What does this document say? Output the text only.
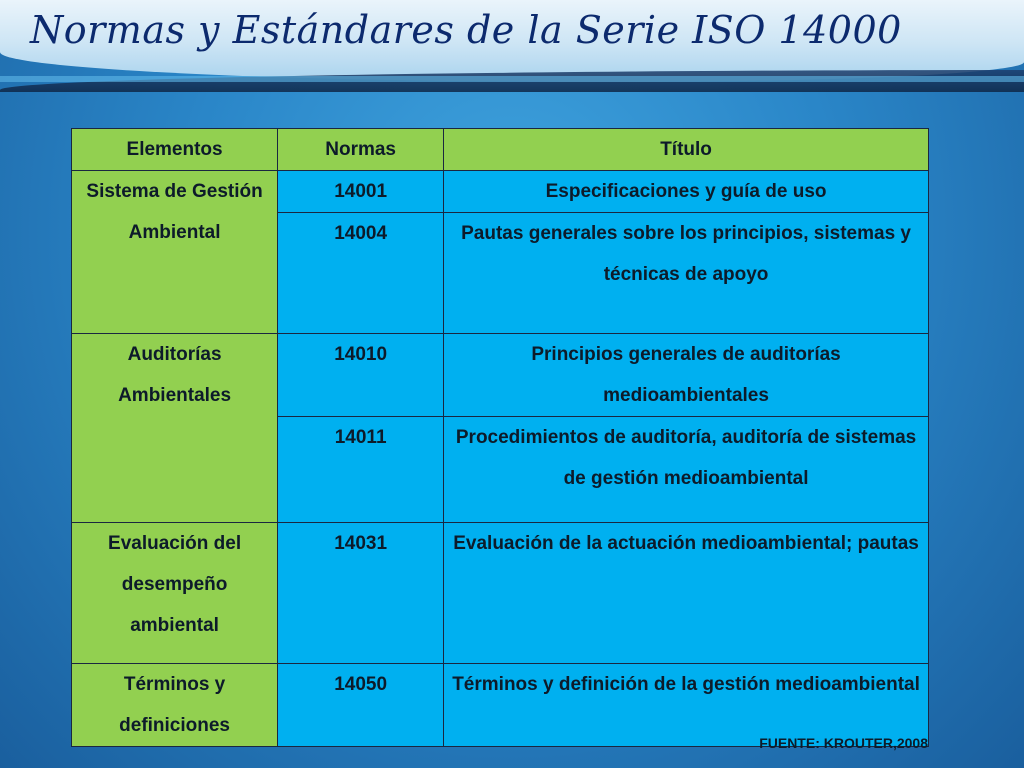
Normas y Estándares de la Serie ISO 14000
Elementos	Normas	Título
Sistema de Gestión Ambiental	14001	Especificaciones y guía de uso
	14004	Pautas generales sobre los principios, sistemas y técnicas de apoyo
Auditorías Ambientales	14010	Principios generales de auditorías medioambientales
	14011	Procedimientos de auditoría, auditoría de sistemas de gestión medioambiental
Evaluación del desempeño ambiental	14031	Evaluación de la actuación medioambiental; pautas
Términos y definiciones	14050	Términos y definición de la gestión medioambiental
FUENTE: KROUTER,2008
